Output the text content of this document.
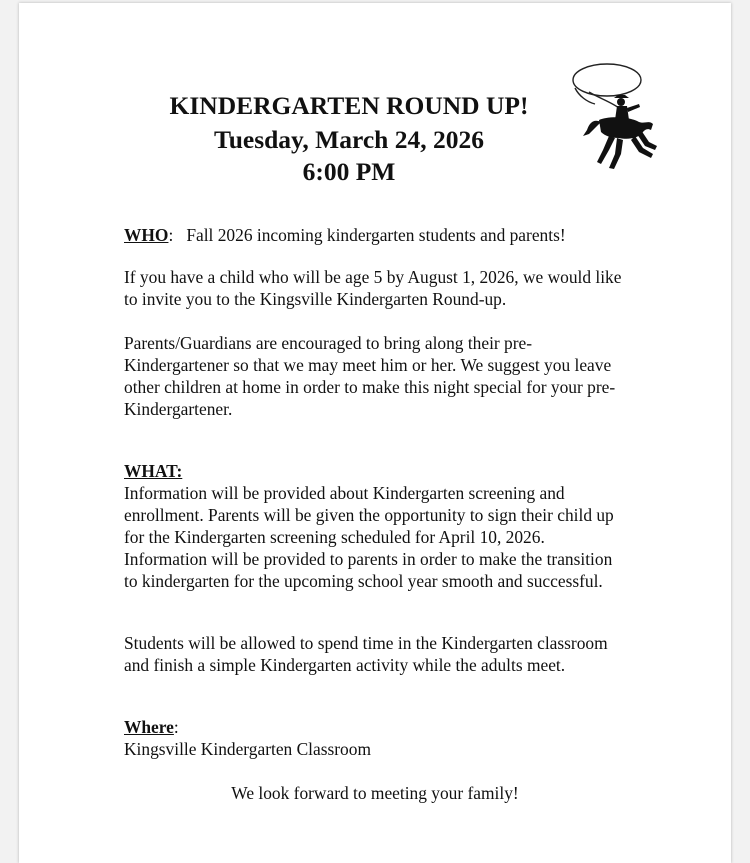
KINDERGARTEN ROUND UP!
Tuesday, March 24, 2026
6:00 PM
WHO:   Fall 2026 incoming kindergarten students and parents!
If you have a child who will be age 5 by August 1, 2026, we would like to invite you to the Kingsville Kindergarten Round-up.
Parents/Guardians are encouraged to bring along their pre-Kindergartener so that we may meet him or her. We suggest you leave other children at home in order to make this night special for your pre-Kindergartener.
WHAT:
Information will be provided about Kindergarten screening and enrollment. Parents will be given the opportunity to sign their child up for the Kindergarten screening scheduled for April 10, 2026. Information will be provided to parents in order to make the transition to kindergarten for the upcoming school year smooth and successful.
Students will be allowed to spend time in the Kindergarten classroom and finish a simple Kindergarten activity while the adults meet.
Where:
Kingsville Kindergarten Classroom
We look forward to meeting your family!
